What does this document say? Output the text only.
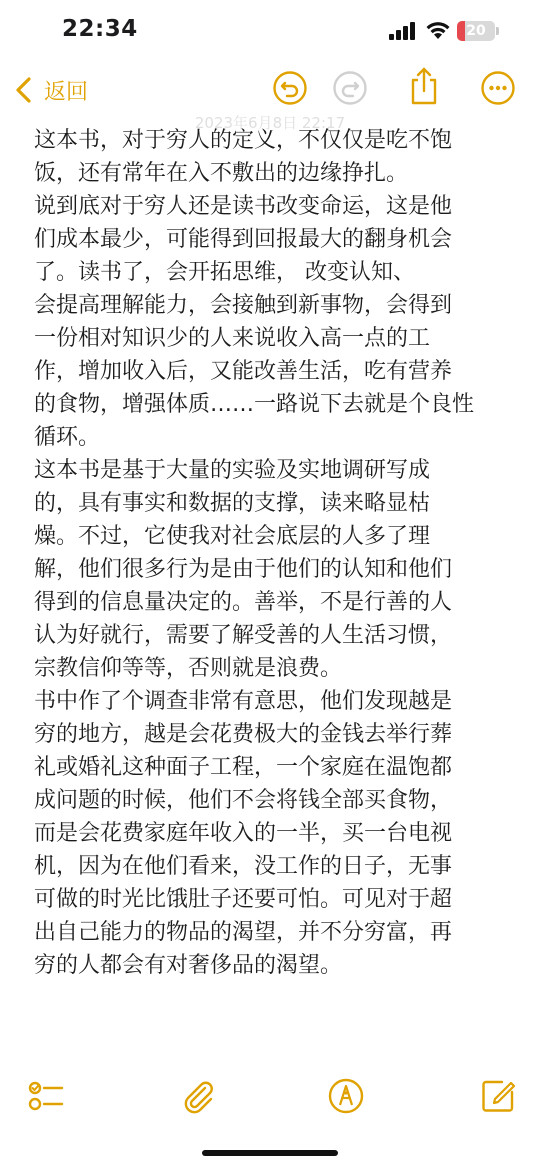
22:34	20
返回
2023年6月8日 22:17
这本书，对于穷人的定义，不仅仅是吃不饱
饭，还有常年在入不敷出的边缘挣扎。
说到底对于穷人还是读书改变命运，这是他
们成本最少，可能得到回报最大的翻身机会
了。读书了，会开拓思维， 改变认知、
会提高理解能力，会接触到新事物，会得到
一份相对知识少的人来说收入高一点的工
作，增加收入后，又能改善生活，吃有营养
的食物，增强体质……一路说下去就是个良性
循环。
这本书是基于大量的实验及实地调研写成
的，具有事实和数据的支撑，读来略显枯
燥。不过，它使我对社会底层的人多了理
解，他们很多行为是由于他们的认知和他们
得到的信息量决定的。善举，不是行善的人
认为好就行，需要了解受善的人生活习惯，
宗教信仰等等，否则就是浪费。
书中作了个调查非常有意思，他们发现越是
穷的地方，越是会花费极大的金钱去举行葬
礼或婚礼这种面子工程，一个家庭在温饱都
成问题的时候，他们不会将钱全部买食物，
而是会花费家庭年收入的一半，买一台电视
机，因为在他们看来，没工作的日子，无事
可做的时光比饿肚子还要可怕。可见对于超
出自己能力的物品的渴望，并不分穷富，再
穷的人都会有对奢侈品的渴望。
